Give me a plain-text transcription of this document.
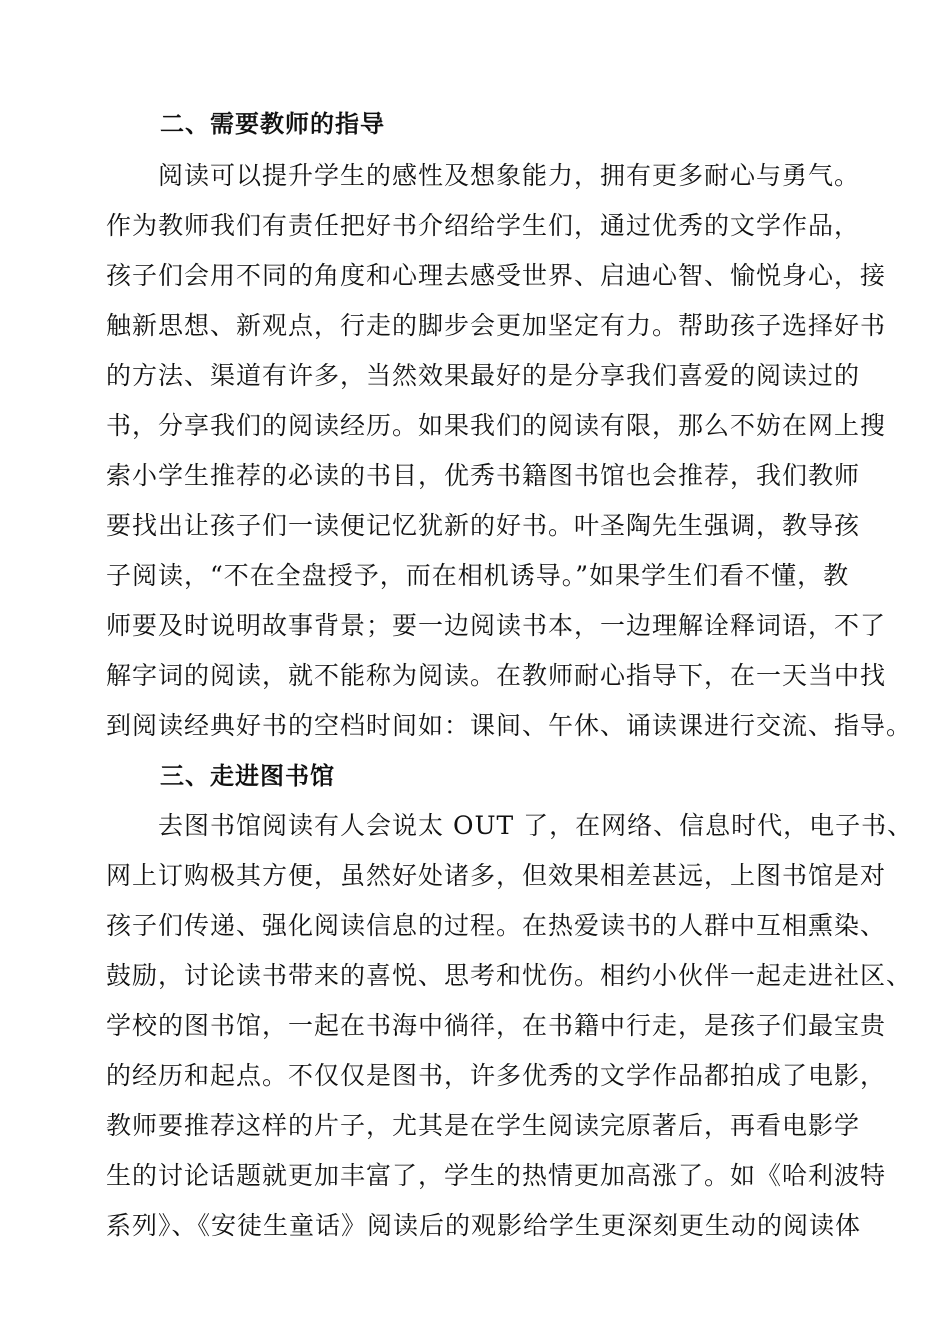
二、需要教师的指导
阅读可以提升学生的感性及想象能力，拥有更多耐心与勇气。
作为教师我们有责任把好书介绍给学生们，通过优秀的文学作品，
孩子们会用不同的角度和心理去感受世界、启迪心智、愉悦身心，接
触新思想、新观点，行走的脚步会更加坚定有力。帮助孩子选择好书
的方法、渠道有许多，当然效果最好的是分享我们喜爱的阅读过的
书，分享我们的阅读经历。如果我们的阅读有限，那么不妨在网上搜
索小学生推荐的必读的书目，优秀书籍图书馆也会推荐，我们教师
要找出让孩子们一读便记忆犹新的好书。叶圣陶先生强调，教导孩
子阅读，“不在全盘授予，而在相机诱导。”如果学生们看不懂，教
师要及时说明故事背景；要一边阅读书本，一边理解诠释词语，不了
解字词的阅读，就不能称为阅读。在教师耐心指导下，在一天当中找
到阅读经典好书的空档时间如：课间、午休、诵读课进行交流、指导。
三、走进图书馆
去图书馆阅读有人会说太 OUT 了，在网络、信息时代，电子书、
网上订购极其方便，虽然好处诸多，但效果相差甚远，上图书馆是对
孩子们传递、强化阅读信息的过程。在热爱读书的人群中互相熏染、
鼓励，讨论读书带来的喜悦、思考和忧伤。相约小伙伴一起走进社区、
学校的图书馆，一起在书海中徜徉，在书籍中行走，是孩子们最宝贵
的经历和起点。不仅仅是图书，许多优秀的文学作品都拍成了电影，
教师要推荐这样的片子，尤其是在学生阅读完原著后，再看电影学
生的讨论话题就更加丰富了，学生的热情更加高涨了。如《哈利波特
系列》、《安徒生童话》阅读后的观影给学生更深刻更生动的阅读体
